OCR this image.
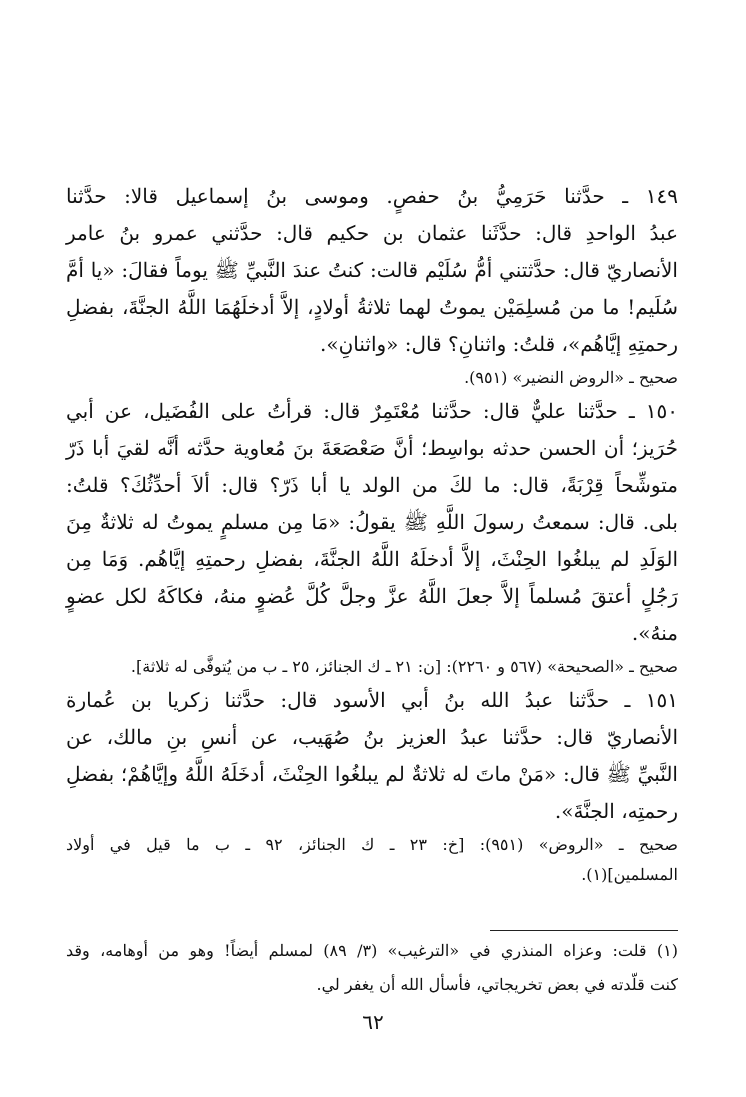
١٤٩ ـ حدَّثنا حَرَمِيُّ بنُ حفصٍ. وموسى بنُ إسماعيل قالا: حدَّثنا
عبدُ الواحدِ قال: حدَّثَنا عثمان بن حكيم قال: حدَّثني عمرو بنُ عامر
الأنصاريّ قال: حدَّثتني أمُّ سُلَيْم قالت: كنتُ عندَ النَّبيِّ ﷺ يوماً فقالَ: «يا أمَّ
سُلَيم! ما من مُسلِمَيْن يموتُ لهما ثلاثةُ أولادٍ، إلاَّ أدخلَهُمَا اللَّهُ الجنَّةَ، بفضلِ
رحمتِهِ إيَّاهُم»، قلتُ: واثنانِ؟ قال: «واثنانِ».
صحيح ـ «الروض النضير» (٩٥١).
١٥٠ ـ حدَّثنا عليٌّ قال: حدَّثنا مُعْتَمِرٌ قال: قرأتُ على الفُضَيل، عن أبي
حُرَيز؛ أن الحسن حدثه بواسِط؛ أنَّ صَعْصَعَةَ بنَ مُعاوية حدَّثه أنَّه لقيَ أبا ذَرّ
متوشِّحاً قِرْبَةً، قال: ما لكَ من الولد يا أبا ذَرّ؟ قال: ألاَ أحدِّثُكَ؟ قلتُ:
بلى. قال: سمعتُ رسولَ اللَّهِ ﷺ يقولُ: «مَا مِن مسلمٍ يموتُ له ثلاثةٌ مِنَ
الوَلَدِ لم يبلغُوا الحِنْثَ، إلاَّ أدخلَهُ اللَّهُ الجنَّةَ، بفضلِ رحمتِهِ إيَّاهُم. وَمَا مِن
رَجُلٍ أعتقَ مُسلماً إلاَّ جعلَ اللَّهُ عزَّ وجلَّ كُلَّ عُضوٍ منهُ، فكاكَهُ لكل عضوٍ
منهُ».
صحيح ـ «الصحيحة» (٥٦٧ و ٢٢٦٠): [ن: ٢١ ـ ك الجنائز، ٢٥ ـ ب من يُتوفَّى له ثلاثة].
١٥١ ـ حدَّثنا عبدُ الله بنُ أبي الأسود قال: حدَّثنا زكريا بن عُمارة
الأنصاريّ قال: حدَّثنا عبدُ العزيز بنُ صُهَيب، عن أنسِ بنِ مالك، عن
النَّبيِّ ﷺ قال: «مَنْ ماتَ له ثلاثةٌ لم يبلغُوا الحِنْثَ، أدخَلَهُ اللَّهُ وإيَّاهُمْ؛ بفضلِ
رحمتِه، الجنَّةَ».
صحيح ـ «الروض» (٩٥١): [خ: ٢٣ ـ ك الجنائز، ٩٢ ـ ب ما قيل في أولاد
المسلمين](١).
(١) قلت: وعزاه المنذري في «الترغيب» (٣/ ٨٩) لمسلم أيضاً! وهو من أوهامه، وقد
كنت قلّدته في بعض تخريجاتي، فأسأل الله أن يغفر لي.
٦٢
